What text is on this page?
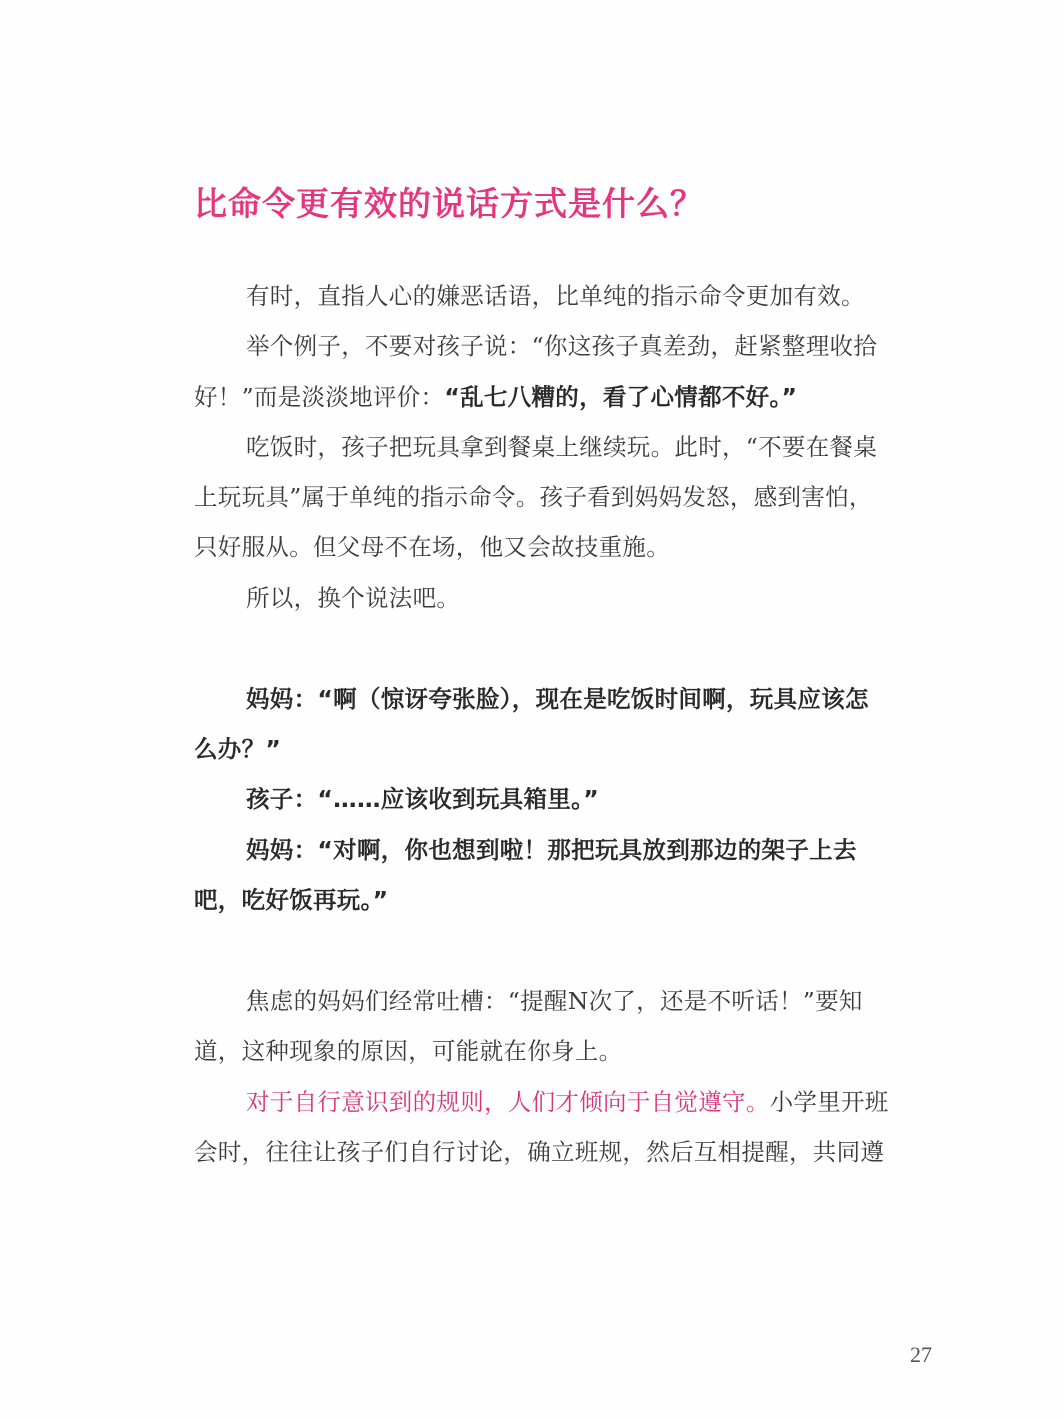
比命令更有效的说话方式是什么？
有时，直指人心的嫌恶话语，比单纯的指示命令更加有效。
举个例子，不要对孩子说：“你这孩子真差劲，赶紧整理收拾
好！”而是淡淡地评价：“乱七八糟的，看了心情都不好。”
吃饭时，孩子把玩具拿到餐桌上继续玩。此时，“不要在餐桌
上玩玩具”属于单纯的指示命令。孩子看到妈妈发怒，感到害怕，
只好服从。但父母不在场，他又会故技重施。
所以，换个说法吧。
妈妈：“啊（惊讶夸张脸），现在是吃饭时间啊，玩具应该怎
么办？”
孩子：“……应该收到玩具箱里。”
妈妈：“对啊，你也想到啦！那把玩具放到那边的架子上去
吧，吃好饭再玩。”
焦虑的妈妈们经常吐槽：“提醒N次了，还是不听话！”要知
道，这种现象的原因，可能就在你身上。
对于自行意识到的规则，人们才倾向于自觉遵守。小学里开班
会时，往往让孩子们自行讨论，确立班规，然后互相提醒，共同遵
27
